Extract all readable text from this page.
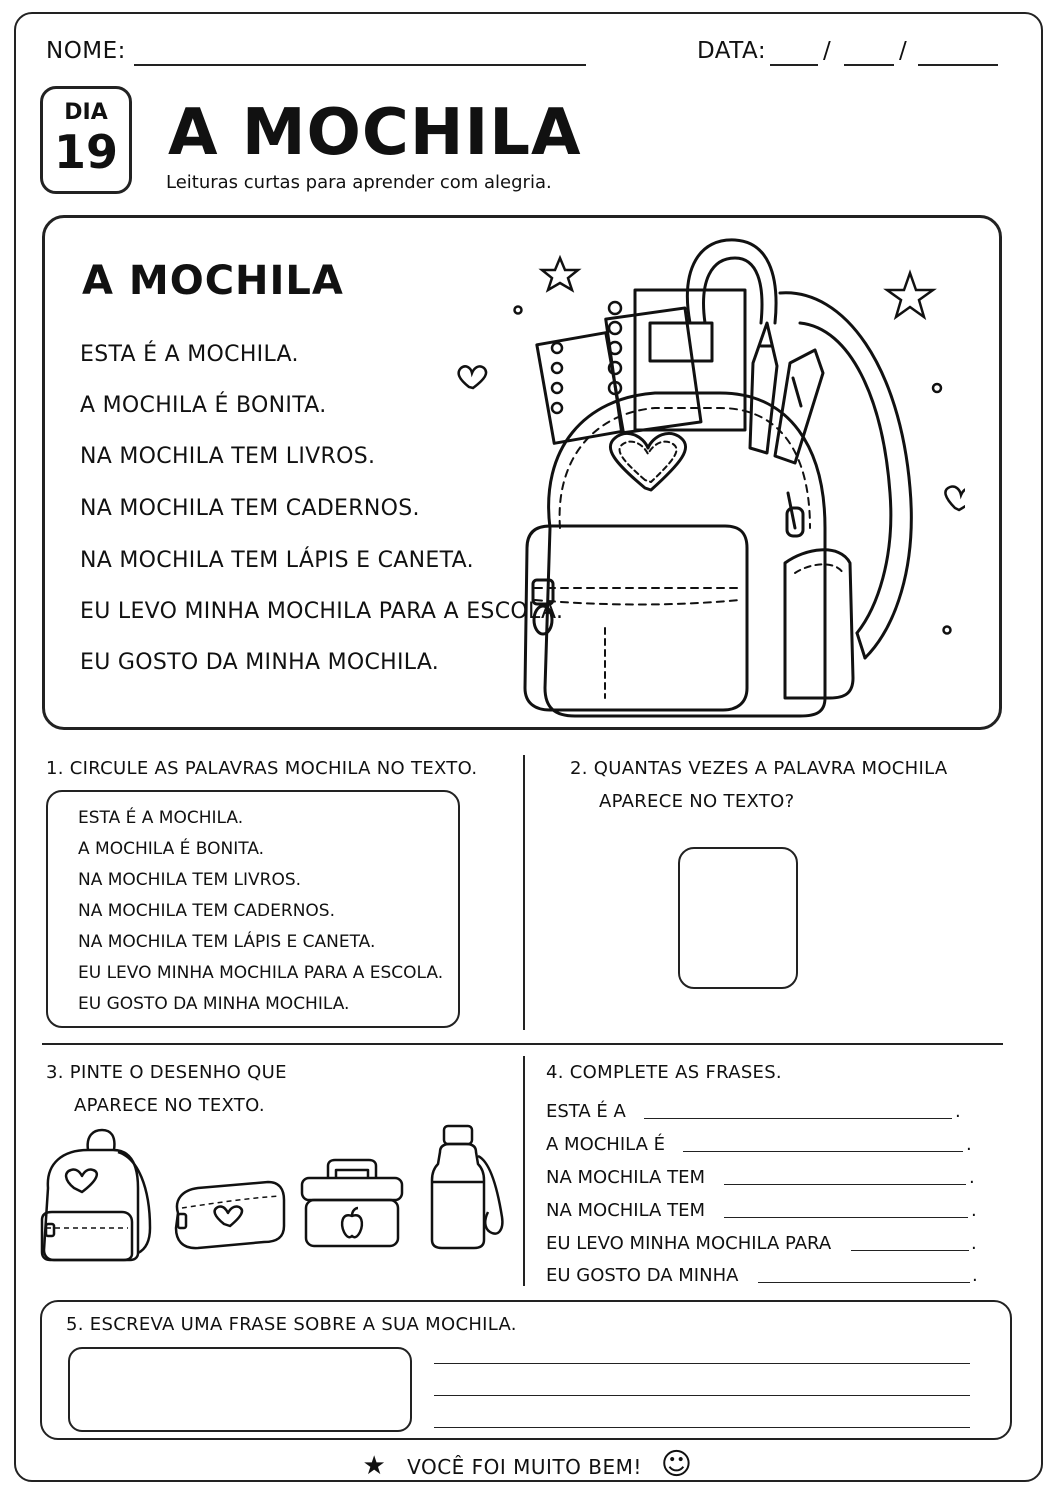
NOME:	DATA: /	/
DIA
19 A MOCHILA
Leituras curtas para aprender com alegria.
A MOCHILA
ESTA É A MOCHILA.
A MOCHILA É BONITA.
NA MOCHILA TEM LIVROS.
NA MOCHILA TEM CADERNOS.
NA MOCHILA TEM LÁPIS E CANETA.
EU LEVO MINHA MOCHILA PARA A ESCOLA.
EU GOSTO DA MINHA MOCHILA.
1. CIRCULE AS PALAVRAS MOCHILA NO TEXTO.
ESTA É A MOCHILA.
A MOCHILA É BONITA.
NA MOCHILA TEM LIVROS.
NA MOCHILA TEM CADERNOS.
NA MOCHILA TEM LÁPIS E CANETA.
EU LEVO MINHA MOCHILA PARA A ESCOLA.
EU GOSTO DA MINHA MOCHILA.
2. QUANTAS VEZES A PALAVRA MOCHILA
APARECE NO TEXTO?
3. PINTE O DESENHO QUE
APARECE NO TEXTO.
4. COMPLETE AS FRASES.
ESTA É A	.
A MOCHILA É	.
NA MOCHILA TEM	.
NA MOCHILA TEM	.
EU LEVO MINHA MOCHILA PARA	.
EU GOSTO DA MINHA	.
5. ESCREVA UMA FRASE SOBRE A SUA MOCHILA.
★ VOCÊ FOI MUITO BEM! ☺
